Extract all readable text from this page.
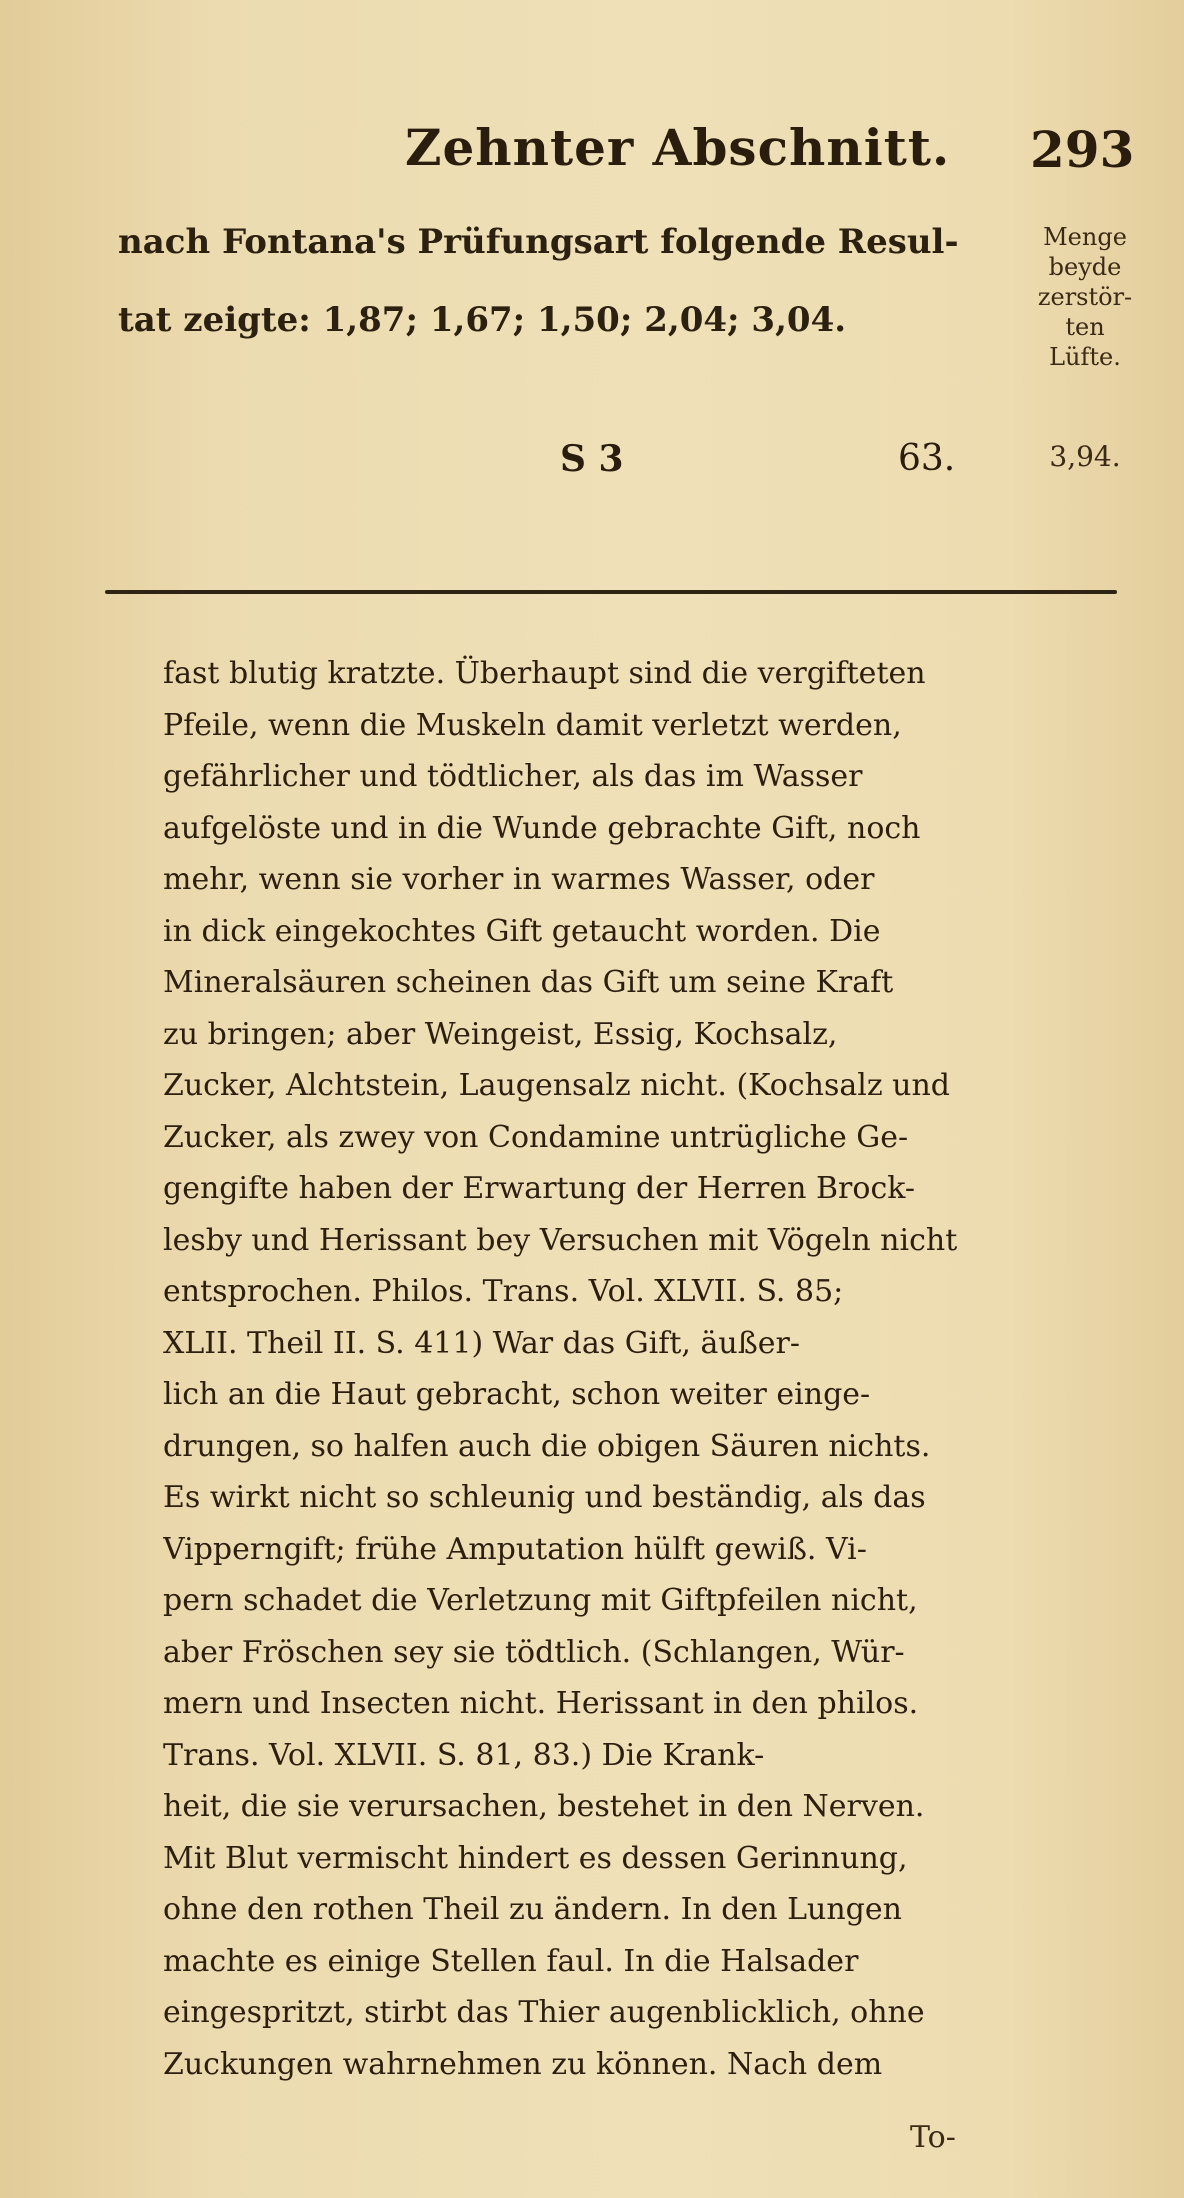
Zehnter Abschnitt. 293
nach Fontana's Prüfungsart folgende Resul-
tat zeigte: 1,87; 1,67; 1,50; 2,04; 3,04.
Menge
beyde
zerstör-
ten
Lüfte.
3,94.
S 3	63.
fast blutig kratzte. Überhaupt sind die vergifteten
Pfeile, wenn die Muskeln damit verletzt werden,
gefährlicher und tödtlicher, als das im Wasser
aufgelöste und in die Wunde gebrachte Gift, noch
mehr, wenn sie vorher in warmes Wasser, oder
in dick eingekochtes Gift getaucht worden. Die
Mineralsäuren scheinen das Gift um seine Kraft
zu bringen; aber Weingeist, Essig, Kochsalz,
Zucker, Alchtstein, Laugensalz nicht. (Kochsalz und
Zucker, als zwey von Condamine untrügliche Ge-
gengifte haben der Erwartung der Herren Brock-
lesby und Herissant bey Versuchen mit Vögeln nicht
entsprochen. Philos. Trans. Vol. XLVII. S. 85;
XLII. Theil II. S. 411) War das Gift, äußer-
lich an die Haut gebracht, schon weiter einge-
drungen, so halfen auch die obigen Säuren nichts.
Es wirkt nicht so schleunig und beständig, als das
Vipperngift; frühe Amputation hülft gewiß. Vi-
pern schadet die Verletzung mit Giftpfeilen nicht,
aber Fröschen sey sie tödtlich. (Schlangen, Wür-
mern und Insecten nicht. Herissant in den philos.
Trans. Vol. XLVII. S. 81, 83.) Die Krank-
heit, die sie verursachen, bestehet in den Nerven.
Mit Blut vermischt hindert es dessen Gerinnung,
ohne den rothen Theil zu ändern. In den Lungen
machte es einige Stellen faul. In die Halsader
eingespritzt, stirbt das Thier augenblicklich, ohne
Zuckungen wahrnehmen zu können. Nach dem
To-
